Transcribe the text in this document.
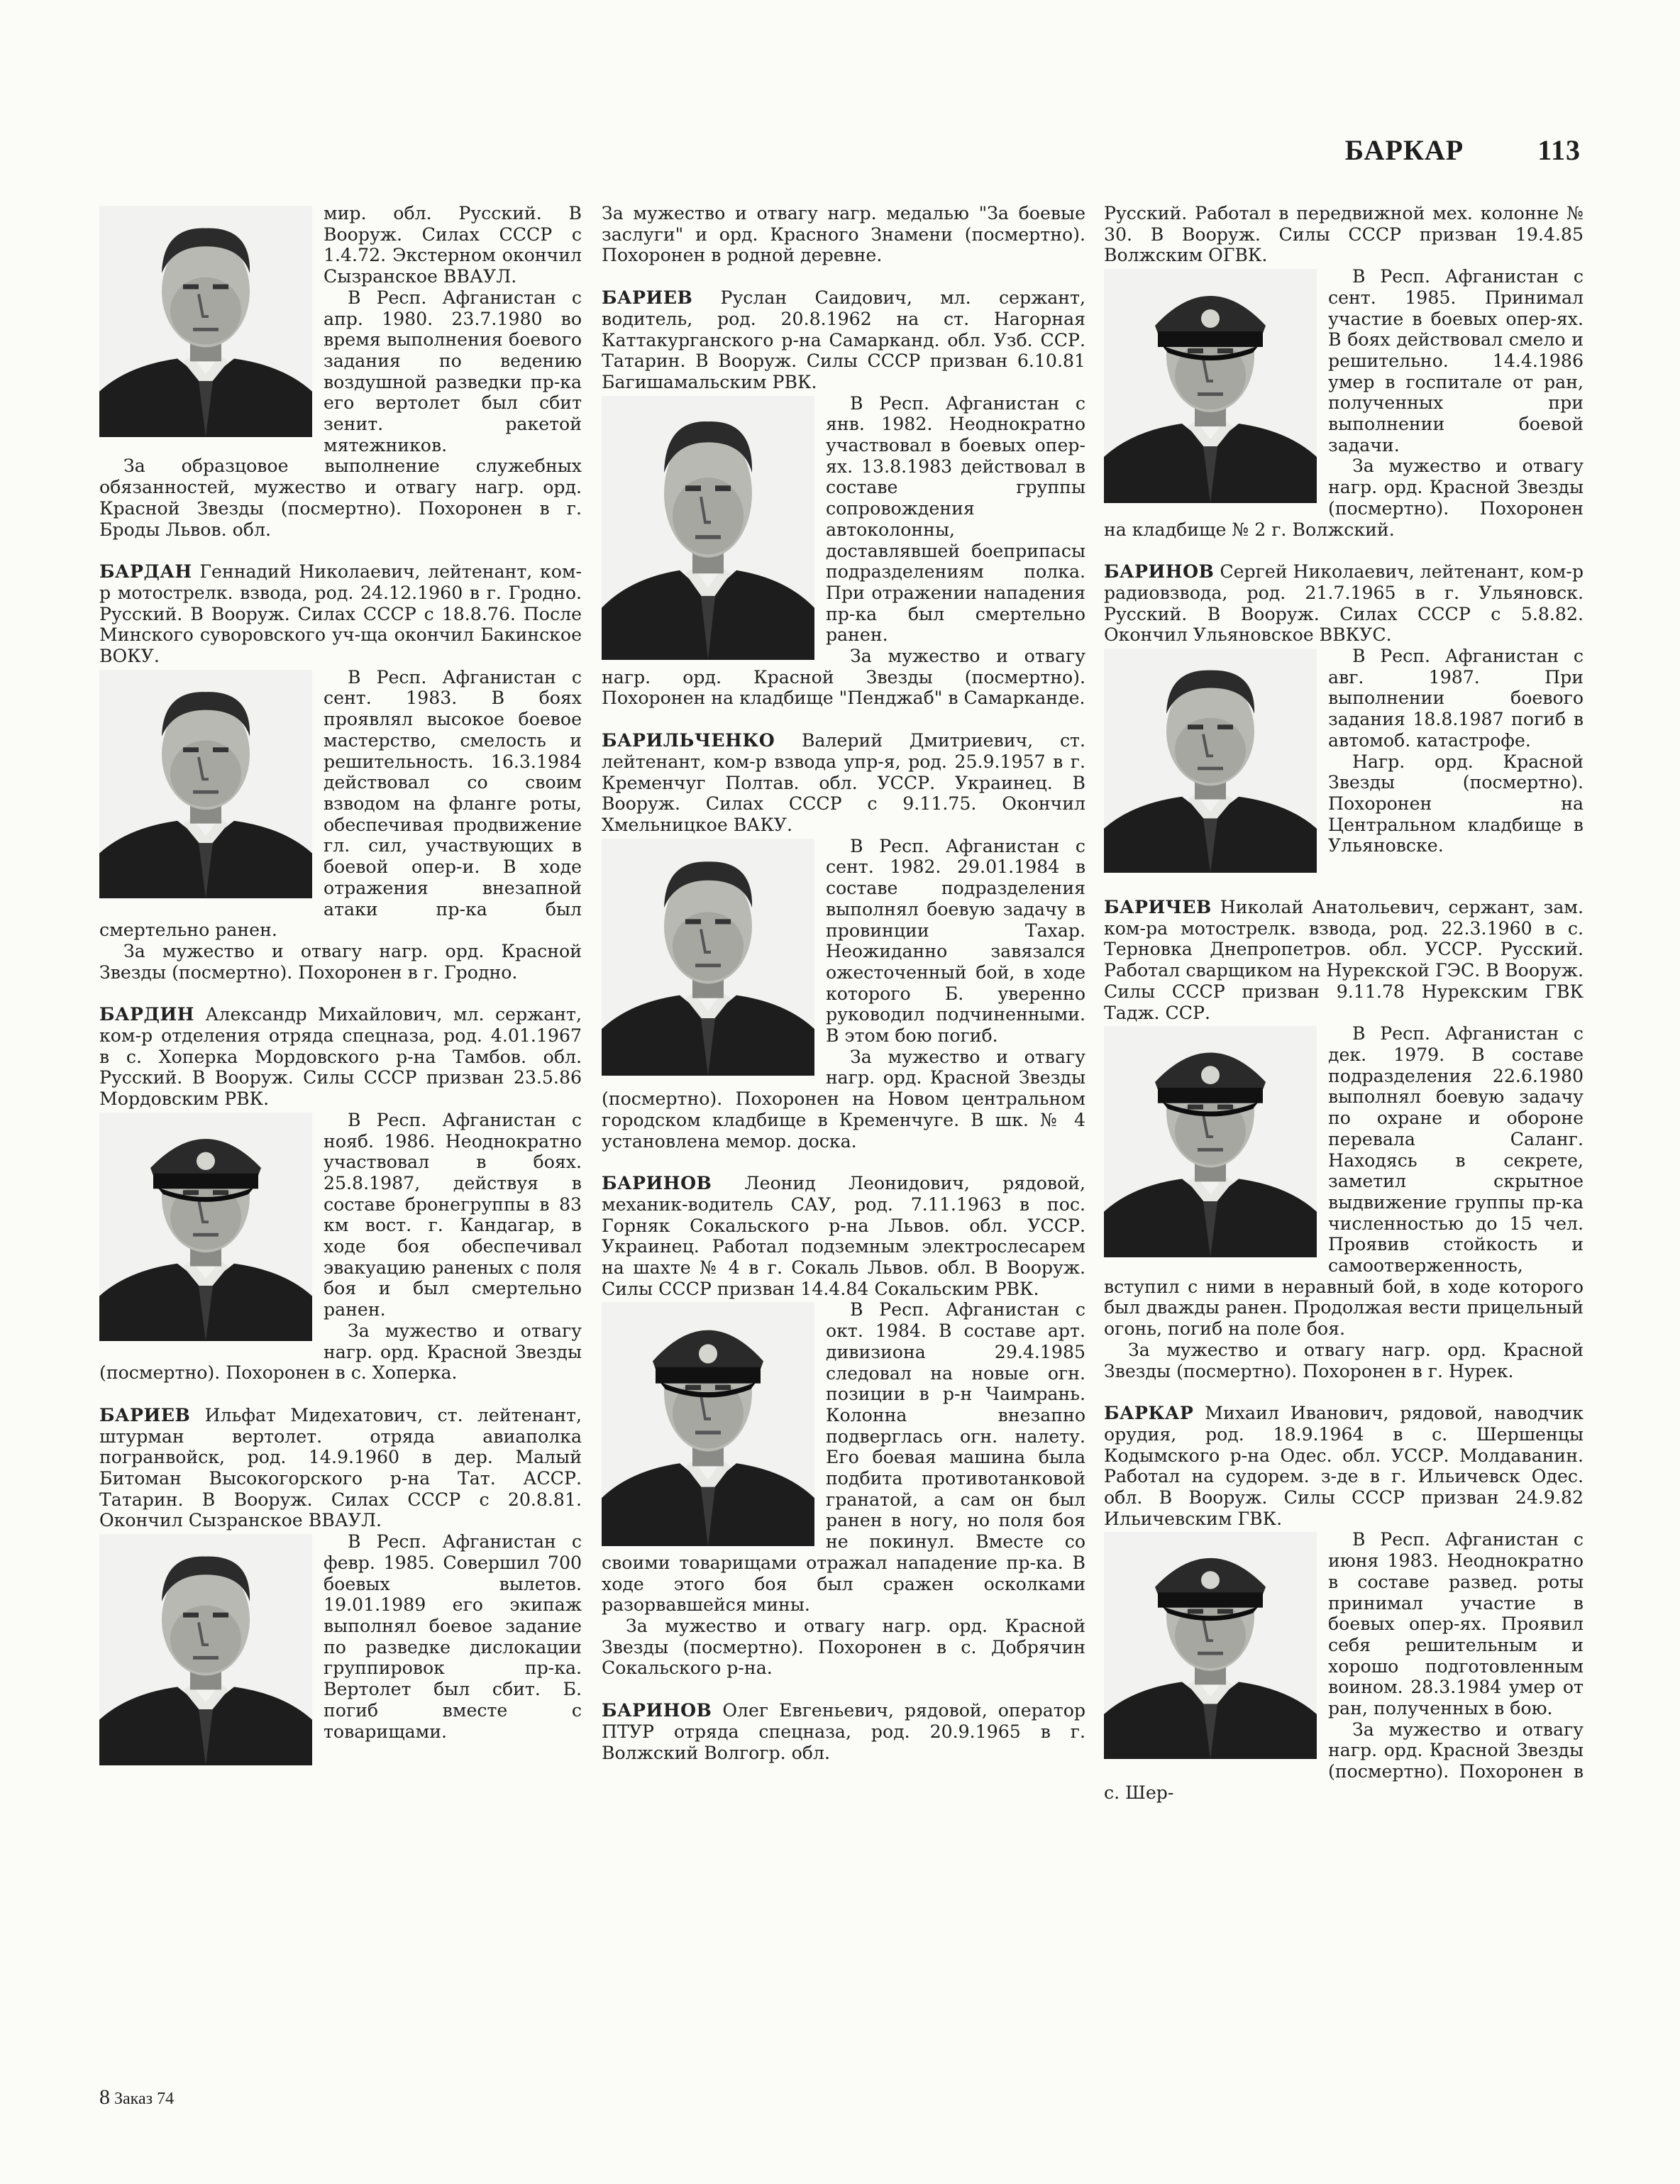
БАРКАР	113

мир. обл. Русский. В Вооруж. Силах СССР с 1.4.72. Экстерном окончил Сызранское ВВАУЛ.

В Респ. Афганистан с апр. 1980. 23.7.1980 во время выполнения боевого задания по ведению воздушной разведки пр-ка его вертолет был сбит зенит. ракетой мятежников.

За образцовое выполнение служебных обязанностей, мужество и отвагу нагр. орд. Красной Звезды (посмертно). Похоронен в г. Броды Львов. обл.

БАРДАН Геннадий Николаевич, лейтенант, ком-р мотострелк. взвода, род. 24.12.1960 в г. Гродно. Русский. В Вооруж. Силах СССР с 18.8.76. После Минского суворовского уч-ща окончил Бакинское ВОКУ.

В Респ. Афганистан с сент. 1983. В боях проявлял высокое боевое мастерство, смелость и решительность. 16.3.1984 действовал со своим взводом на фланге роты, обеспечивая продвижение гл. сил, участвующих в боевой опер-и. В ходе отражения внезапной атаки пр-ка был смертельно ранен.

За мужество и отвагу нагр. орд. Красной Звезды (посмертно). Похоронен в г. Гродно.

БАРДИН Александр Михайлович, мл. сержант, ком-р отделения отряда спецназа, род. 4.01.1967 в с. Хоперка Мордовского р-на Тамбов. обл. Русский. В Вооруж. Силы СССР призван 23.5.86 Мордовским РВК.

В Респ. Афганистан с нояб. 1986. Неоднократно участвовал в боях. 25.8.1987, действуя в составе бронегруппы в 83 км вост. г. Кандагар, в ходе боя обеспечивал эвакуацию раненых с поля боя и был смертельно ранен.

За мужество и отвагу нагр. орд. Красной Звезды (посмертно). Похоронен в с. Хоперка.

БАРИЕВ Ильфат Мидехатович, ст. лейтенант, штурман вертолет. отряда авиаполка погранвойск, род. 14.9.1960 в дер. Малый Битоман Высокогорского р-на Тат. АССР. Татарин. В Вооруж. Силах СССР с 20.8.81. Окончил Сызранское ВВАУЛ.

В Респ. Афганистан с февр. 1985. Совершил 700 боевых вылетов. 19.01.1989 его экипаж выполнял боевое задание по разведке дислокации группировок пр-ка. Вертолет был сбит. Б. погиб вместе с товарищами.

За мужество и отвагу нагр. медалью "За боевые заслуги" и орд. Красного Знамени (посмертно). Похоронен в родной деревне.

БАРИЕВ Руслан Саидович, мл. сержант, водитель, род. 20.8.1962 на ст. Нагорная Каттакурганского р-на Самарканд. обл. Узб. ССР. Татарин. В Вооруж. Силы СССР призван 6.10.81 Багишамальским РВК.

В Респ. Афганистан с янв. 1982. Неоднократно участвовал в боевых опер-ях. 13.8.1983 действовал в составе группы сопровождения автоколонны, доставлявшей боеприпасы подразделениям полка. При отражении нападения пр-ка был смертельно ранен.

За мужество и отвагу нагр. орд. Красной Звезды (посмертно). Похоронен на кладбище "Пенджаб" в Самарканде.

БАРИЛЬЧЕНКО Валерий Дмитриевич, ст. лейтенант, ком-р взвода упр-я, род. 25.9.1957 в г. Кременчуг Полтав. обл. УССР. Украинец. В Вооруж. Силах СССР с 9.11.75. Окончил Хмельницкое ВАКУ.

В Респ. Афганистан с сент. 1982. 29.01.1984 в составе подразделения выполнял боевую задачу в провинции Тахар. Неожиданно завязался ожесточенный бой, в ходе которого Б. уверенно руководил подчиненными. В этом бою погиб.

За мужество и отвагу нагр. орд. Красной Звезды (посмертно). Похоронен на Новом центральном городском кладбище в Кременчуге. В шк. № 4 установлена мемор. доска.

БАРИНОВ Леонид Леонидович, рядовой, механик-водитель САУ, род. 7.11.1963 в пос. Горняк Сокальского р-на Львов. обл. УССР. Украинец. Работал подземным электрослесарем на шахте № 4 в г. Сокаль Львов. обл. В Вооруж. Силы СССР призван 14.4.84 Сокальским РВК.

В Респ. Афганистан с окт. 1984. В составе арт. дивизиона 29.4.1985 следовал на новые огн. позиции в р-н Чаимрань. Колонна внезапно подверглась огн. налету. Его боевая машина была подбита противотанковой гранатой, а сам он был ранен в ногу, но поля боя не покинул. Вместе со своими товарищами отражал нападение пр-ка. В ходе этого боя был сражен осколками разорвавшейся мины.

За мужество и отвагу нагр. орд. Красной Звезды (посмертно). Похоронен в с. Добрячин Сокальского р-на.

БАРИНОВ Олег Евгеньевич, рядовой, оператор ПТУР отряда спецназа, род. 20.9.1965 в г. Волжский Волгогр. обл.

Русский. Работал в передвижной мех. колонне № 30. В Вооруж. Силы СССР призван 19.4.85 Волжским ОГВК.

В Респ. Афганистан с сент. 1985. Принимал участие в боевых опер-ях. В боях действовал смело и решительно. 14.4.1986 умер в госпитале от ран, полученных при выполнении боевой задачи.

За мужество и отвагу нагр. орд. Красной Звезды (посмертно). Похоронен на кладбище № 2 г. Волжский.

БАРИНОВ Сергей Николаевич, лейтенант, ком-р радиовзвода, род. 21.7.1965 в г. Ульяновск. Русский. В Вооруж. Силах СССР с 5.8.82. Окончил Ульяновское ВВКУС.

В Респ. Афганистан с авг. 1987. При выполнении боевого задания 18.8.1987 погиб в автомоб. катастрофе.

Нагр. орд. Красной Звезды (посмертно). Похоронен на Центральном кладбище в Ульяновске.

БАРИЧЕВ Николай Анатольевич, сержант, зам. ком-ра мотострелк. взвода, род. 22.3.1960 в с. Терновка Днепропетров. обл. УССР. Русский. Работал сварщиком на Нурекской ГЭС. В Вооруж. Силы СССР призван 9.11.78 Нурекским ГВК Тадж. ССР.

В Респ. Афганистан с дек. 1979. В составе подразделения 22.6.1980 выполнял боевую задачу по охране и обороне перевала Саланг. Находясь в секрете, заметил скрытное выдвижение группы пр-ка численностью до 15 чел. Проявив стойкость и самоотверженность, вступил с ними в неравный бой, в ходе которого был дважды ранен. Продолжая вести прицельный огонь, погиб на поле боя.

За мужество и отвагу нагр. орд. Красной Звезды (посмертно). Похоронен в г. Нурек.

БАРКАР Михаил Иванович, рядовой, наводчик орудия, род. 18.9.1964 в с. Шершенцы Кодымского р-на Одес. обл. УССР. Молдаванин. Работал на судорем. з-де в г. Ильичевск Одес. обл. В Вооруж. Силы СССР призван 24.9.82 Ильичевским ГВК.

В Респ. Афганистан с июня 1983. Неоднократно в составе развед. роты принимал участие в боевых опер-ях. Проявил себя решительным и хорошо подготовленным воином. 28.3.1984 умер от ран, полученных в бою.

За мужество и отвагу нагр. орд. Красной Звезды (посмертно). Похоронен в с. Шер-

8 Заказ 74
